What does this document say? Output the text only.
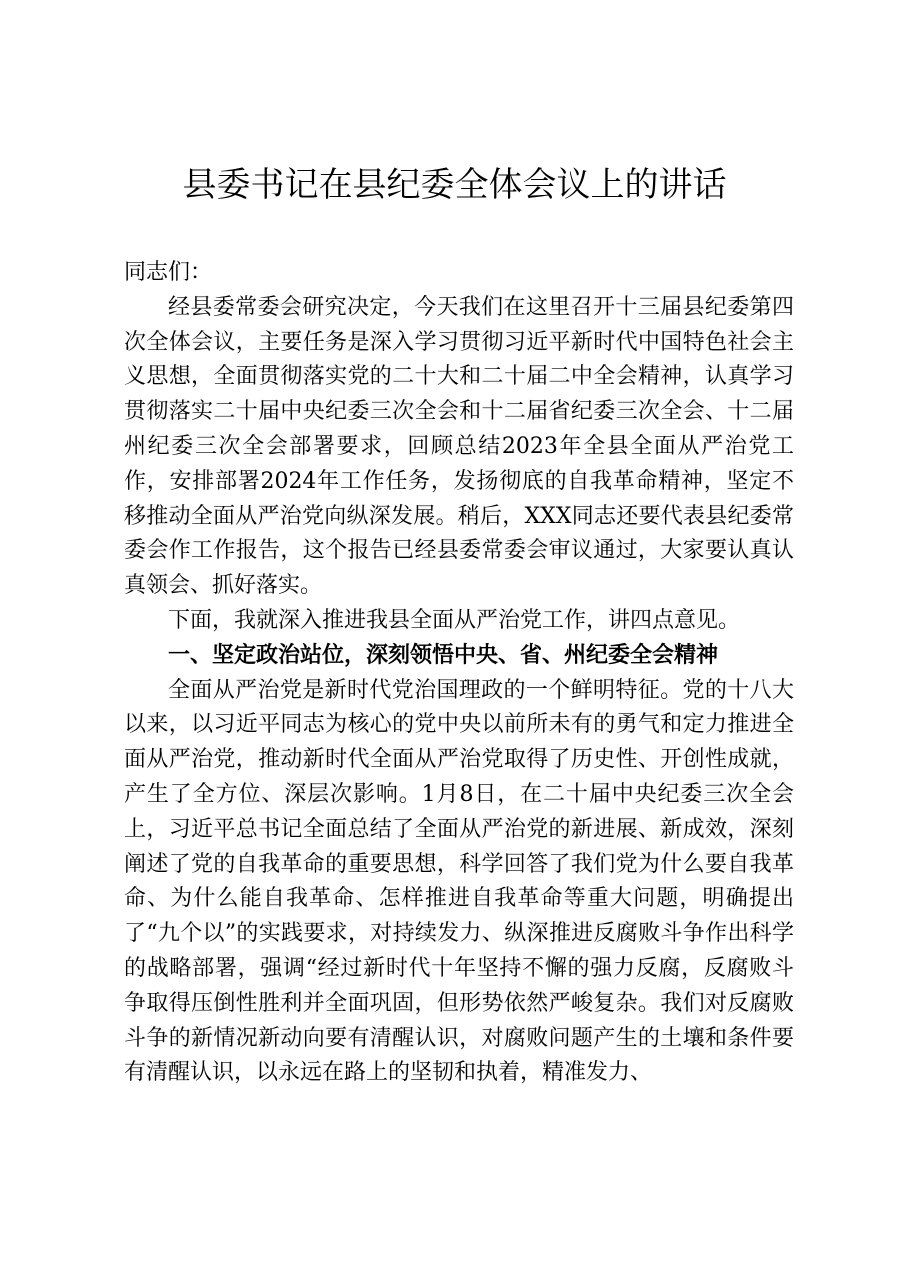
县委书记在县纪委全体会议上的讲话

同志们：

经县委常委会研究决定，今天我们在这里召开十三届县纪委第四次全体会议，主要任务是深入学习贯彻习近平新时代中国特色社会主义思想，全面贯彻落实党的二十大和二十届二中全会精神，认真学习贯彻落实二十届中央纪委三次全会和十二届省纪委三次全会、十二届州纪委三次全会部署要求，回顾总结2023年全县全面从严治党工作，安排部署2024年工作任务，发扬彻底的自我革命精神，坚定不移推动全面从严治党向纵深发展。稍后，XXX同志还要代表县纪委常委会作工作报告，这个报告已经县委常委会审议通过，大家要认真认真领会、抓好落实。

下面，我就深入推进我县全面从严治党工作，讲四点意见。

一、坚定政治站位，深刻领悟中央、省、州纪委全会精神

全面从严治党是新时代党治国理政的一个鲜明特征。党的十八大以来，以习近平同志为核心的党中央以前所未有的勇气和定力推进全面从严治党，推动新时代全面从严治党取得了历史性、开创性成就，产生了全方位、深层次影响。1月8日，在二十届中央纪委三次全会上，习近平总书记全面总结了全面从严治党的新进展、新成效，深刻阐述了党的自我革命的重要思想，科学回答了我们党为什么要自我革命、为什么能自我革命、怎样推进自我革命等重大问题，明确提出了“九个以”的实践要求，对持续发力、纵深推进反腐败斗争作出科学的战略部署，强调“经过新时代十年坚持不懈的强力反腐，反腐败斗争取得压倒性胜利并全面巩固，但形势依然严峻复杂。我们对反腐败斗争的新情况新动向要有清醒认识，对腐败问题产生的土壤和条件要有清醒认识，以永远在路上的坚韧和执着，精准发力、
